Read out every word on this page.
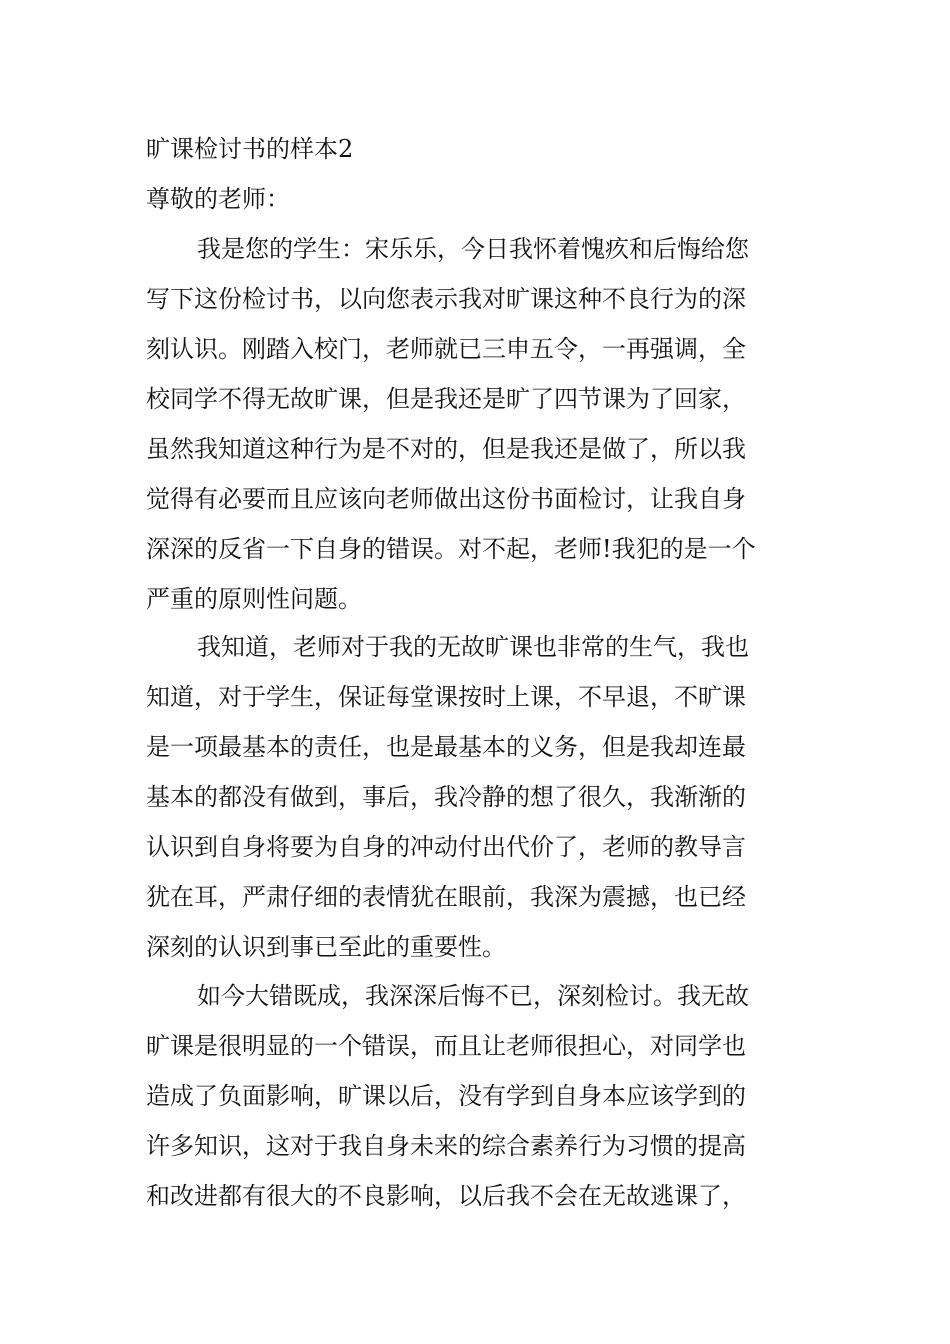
旷课检讨书的样本2
尊敬的老师：
我是您的学生：宋乐乐，今日我怀着愧疚和后悔给您
写下这份检讨书，以向您表示我对旷课这种不良行为的深
刻认识。刚踏入校门，老师就已三申五令，一再强调，全
校同学不得无故旷课，但是我还是旷了四节课为了回家，
虽然我知道这种行为是不对的，但是我还是做了，所以我
觉得有必要而且应该向老师做出这份书面检讨，让我自身
深深的反省一下自身的错误。对不起，老师!我犯的是一个
严重的原则性问题。
我知道，老师对于我的无故旷课也非常的生气，我也
知道，对于学生，保证每堂课按时上课，不早退，不旷课
是一项最基本的责任，也是最基本的义务，但是我却连最
基本的都没有做到，事后，我冷静的想了很久，我渐渐的
认识到自身将要为自身的冲动付出代价了，老师的教导言
犹在耳，严肃仔细的表情犹在眼前，我深为震撼，也已经
深刻的认识到事已至此的重要性。
如今大错既成，我深深后悔不已，深刻检讨。我无故
旷课是很明显的一个错误，而且让老师很担心，对同学也
造成了负面影响，旷课以后，没有学到自身本应该学到的
许多知识，这对于我自身未来的综合素养行为习惯的提高
和改进都有很大的不良影响，以后我不会在无故逃课了，
